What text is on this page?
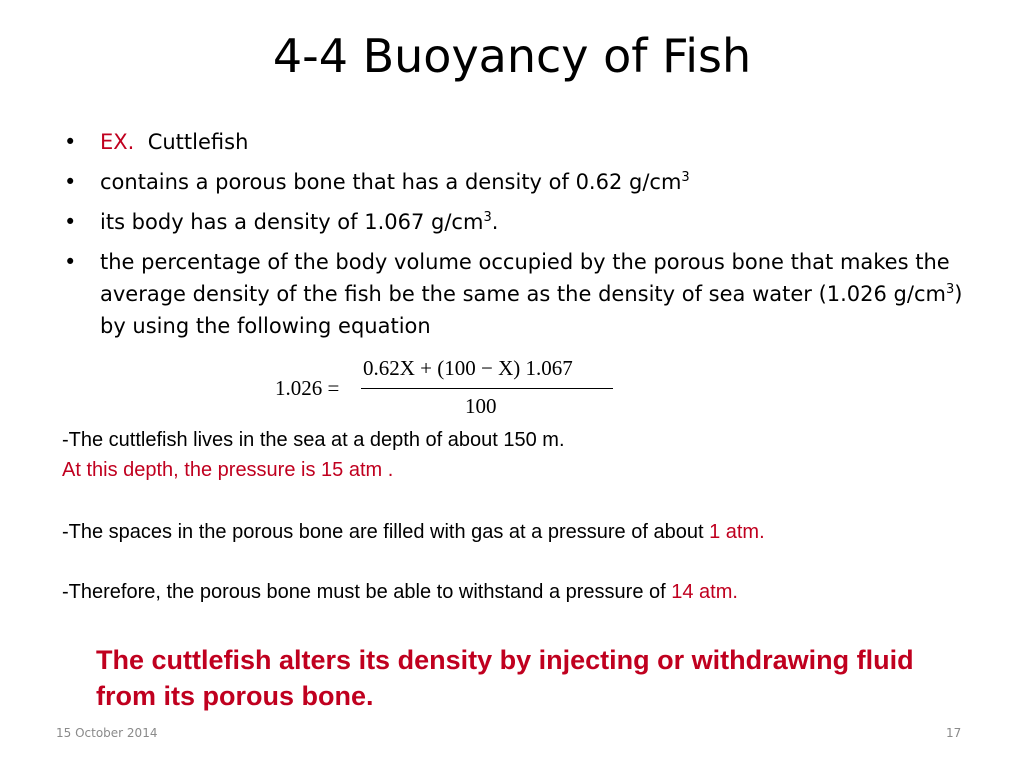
4-4 Buoyancy of Fish
• EX. Cuttlefish
• contains a porous bone that has a density of 0.62 $g/cm^3$
• its body has a density of 1.067 $g/cm^3$.
• the percentage of the body volume occupied by the porous bone that makes the average density of the fish be the same as the density of sea water (1.026 $g/cm^3$) by using the following equation
1.026 =
0.62X + (100 − X) 1.067
100
-The cuttlefish lives in the sea at a depth of about 150 m.
At this depth, the pressure is 15 atm .
-The spaces in the porous bone are filled with gas at a pressure of about 1 atm.
-Therefore, the porous bone must be able to withstand a pressure of 14 atm.
The cuttlefish alters its density by injecting or withdrawing fluid from its porous bone.
15 October 2014	17
